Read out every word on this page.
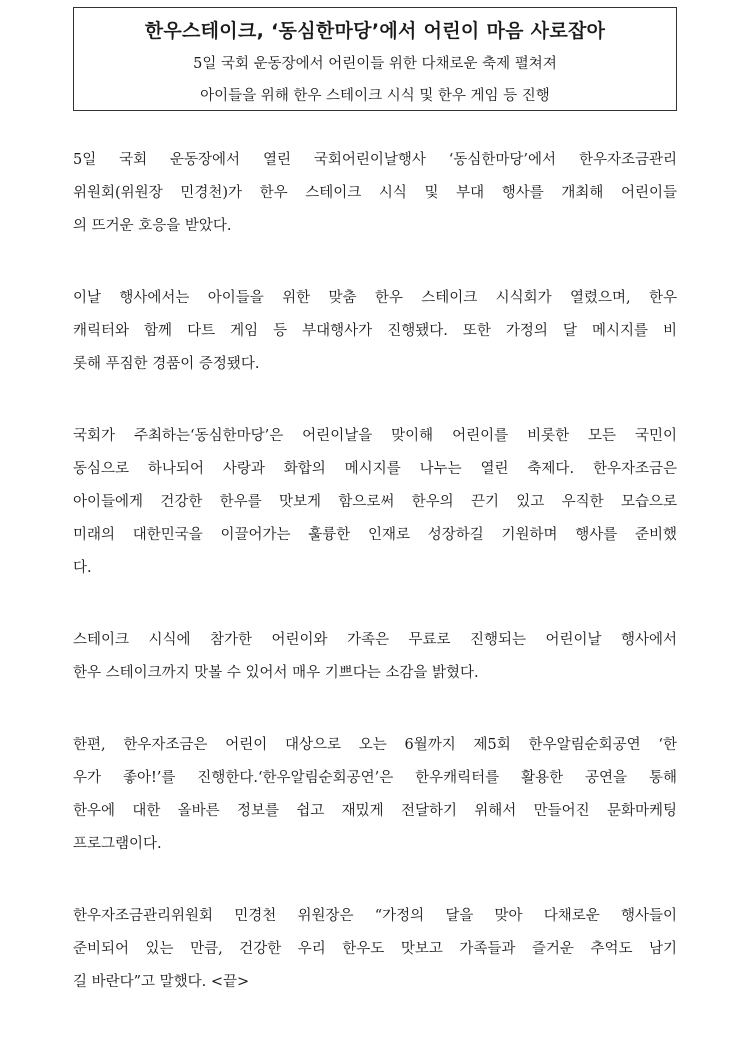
한우스테이크, ‘동심한마당’에서 어린이 마음 사로잡아
5일 국회 운동장에서 어린이들 위한 다채로운 축제 펼쳐져
아이들을 위해 한우 스테이크 시식 및 한우 게임 등 진행
5일 국회 운동장에서 열린 국회어린이날행사 ‘동심한마당’에서 한우자조금관리
위원회(위원장 민경천)가 한우 스테이크 시식 및 부대 행사를 개최해 어린이들
의 뜨거운 호응을 받았다.
이날 행사에서는 아이들을 위한 맞춤 한우 스테이크 시식회가 열렸으며, 한우
캐릭터와 함께 다트 게임 등 부대행사가 진행됐다. 또한 가정의 달 메시지를 비
롯해 푸짐한 경품이 증정됐다.
국회가 주최하는‘동심한마당’은 어린이날을 맞이해 어린이를 비롯한 모든 국민이
동심으로 하나되어 사랑과 화합의 메시지를 나누는 열린 축제다. 한우자조금은
아이들에게 건강한 한우를 맛보게 함으로써 한우의 끈기 있고 우직한 모습으로
미래의 대한민국을 이끌어가는 훌륭한 인재로 성장하길 기원하며 행사를 준비했
다.
스테이크 시식에 참가한 어린이와 가족은 무료로 진행되는 어린이날 행사에서
한우 스테이크까지 맛볼 수 있어서 매우 기쁘다는 소감을 밝혔다.
한편, 한우자조금은 어린이 대상으로 오는 6월까지 제5회 한우알림순회공연 ‘한
우가 좋아!’를 진행한다.‘한우알림순회공연’은 한우캐릭터를 활용한 공연을 통해
한우에 대한 올바른 정보를 쉽고 재밌게 전달하기 위해서 만들어진 문화마케팅
프로그램이다.
한우자조금관리위원회 민경천 위원장은 “가정의 달을 맞아 다채로운 행사들이
준비되어 있는 만큼, 건강한 우리 한우도 맛보고 가족들과 즐거운 추억도 남기
길 바란다”고 말했다. <끝>
